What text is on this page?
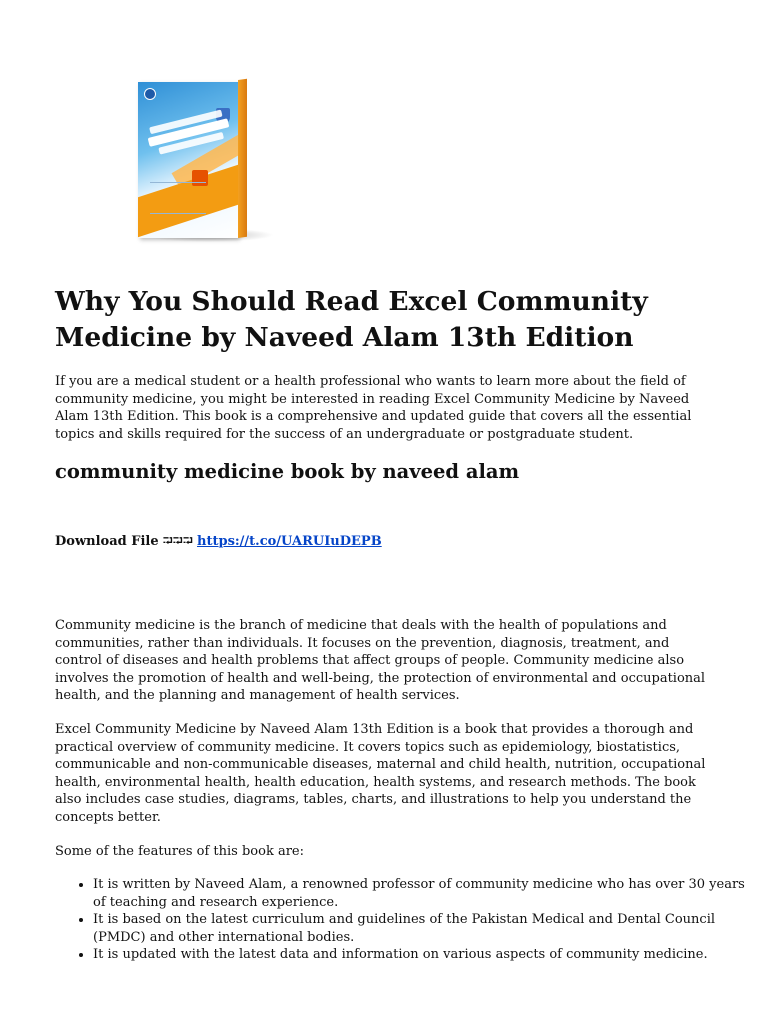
Why You Should Read Excel Community Medicine by Naveed Alam 13th Edition

If you are a medical student or a health professional who wants to learn more about the field of community medicine, you might be interested in reading Excel Community Medicine by Naveed Alam 13th Edition. This book is a comprehensive and updated guide that covers all the essential topics and skills required for the success of an undergraduate or postgraduate student.

community medicine book by naveed alam
Download File ⮒⮒⮒ https://t.co/UARUIuDEPB

Community medicine is the branch of medicine that deals with the health of populations and communities, rather than individuals. It focuses on the prevention, diagnosis, treatment, and control of diseases and health problems that affect groups of people. Community medicine also involves the promotion of health and well-being, the protection of environmental and occupational health, and the planning and management of health services.

Excel Community Medicine by Naveed Alam 13th Edition is a book that provides a thorough and practical overview of community medicine. It covers topics such as epidemiology, biostatistics, communicable and non-communicable diseases, maternal and child health, nutrition, occupational health, environmental health, health education, health systems, and research methods. The book also includes case studies, diagrams, tables, charts, and illustrations to help you understand the concepts better.

Some of the features of this book are:

• It is written by Naveed Alam, a renowned professor of community medicine who has over 30 years of teaching and research experience.
• It is based on the latest curriculum and guidelines of the Pakistan Medical and Dental Council (PMDC) and other international bodies.
• It is updated with the latest data and information on various aspects of community medicine.
